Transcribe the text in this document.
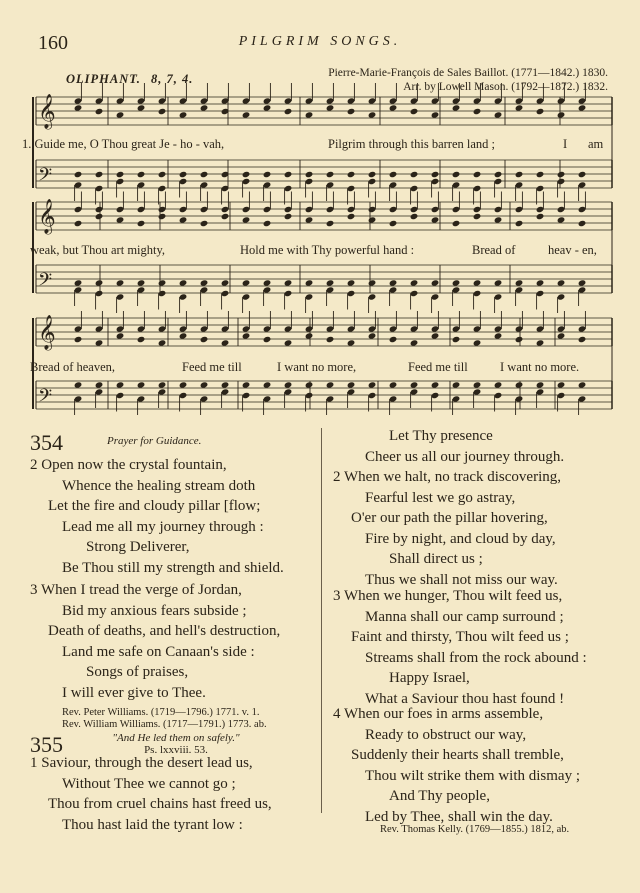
160	PILGRIM SONGS.
OLIPHANT. 8, 7, 4.	Pierre-Marie-François de Sales Baillot. (1771—1842.) 1830.
Arr. by Lowell Mason. (1792—1872.) 1832.
𝄞
𝄢
𝄞
𝄢
𝄞
𝄢
1. Guide me, O Thou great Je - ho - vah,	Pilgrim through this barren land ;	I am
weak, but Thou art mighty,	Hold me with Thy powerful hand :	Bread of	heav - en,
Bread of heaven,	Feed me till	I want no more,	Feed me till	I want no more.
354	$^{Prayer for Guidance.}$
2 Open now the crystal fountain,
Whence the healing stream doth
Let the fire and cloudy pillar [flow;
Lead me all my journey through :
Strong Deliverer,
Be Thou still my strength and shield.
3 When I tread the verge of Jordan,
Bid my anxious fears subside ;
Death of deaths, and hell's destruction,
Land me safe on Canaan's side :
Songs of praises,
I will ever give to Thee.
Rev. Peter Williams. (1719—1796.) 1771. v. 1.
Rev. William Williams. (1717—1791.) 1773. ab.
355	"And He led them on safely."
Ps. lxxviii. 53.
1 Saviour, through the desert lead us,
Without Thee we cannot go ;
Thou from cruel chains hast freed us,
Thou hast laid the tyrant low :
Let Thy presence
Cheer us all our journey through.
2 When we halt, no track discovering,
Fearful lest we go astray,
O'er our path the pillar hovering,
Fire by night, and cloud by day,
Shall direct us ;
Thus we shall not miss our way.
3 When we hunger, Thou wilt feed us,
Manna shall our camp surround ;
Faint and thirsty, Thou wilt feed us ;
Streams shall from the rock abound :
Happy Israel,
What a Saviour thou hast found !
4 When our foes in arms assemble,
Ready to obstruct our way,
Suddenly their hearts shall tremble,
Thou wilt strike them with dismay ;
And Thy people,
Led by Thee, shall win the day.
Rev. Thomas Kelly. (1769—1855.) 1812, ab.
